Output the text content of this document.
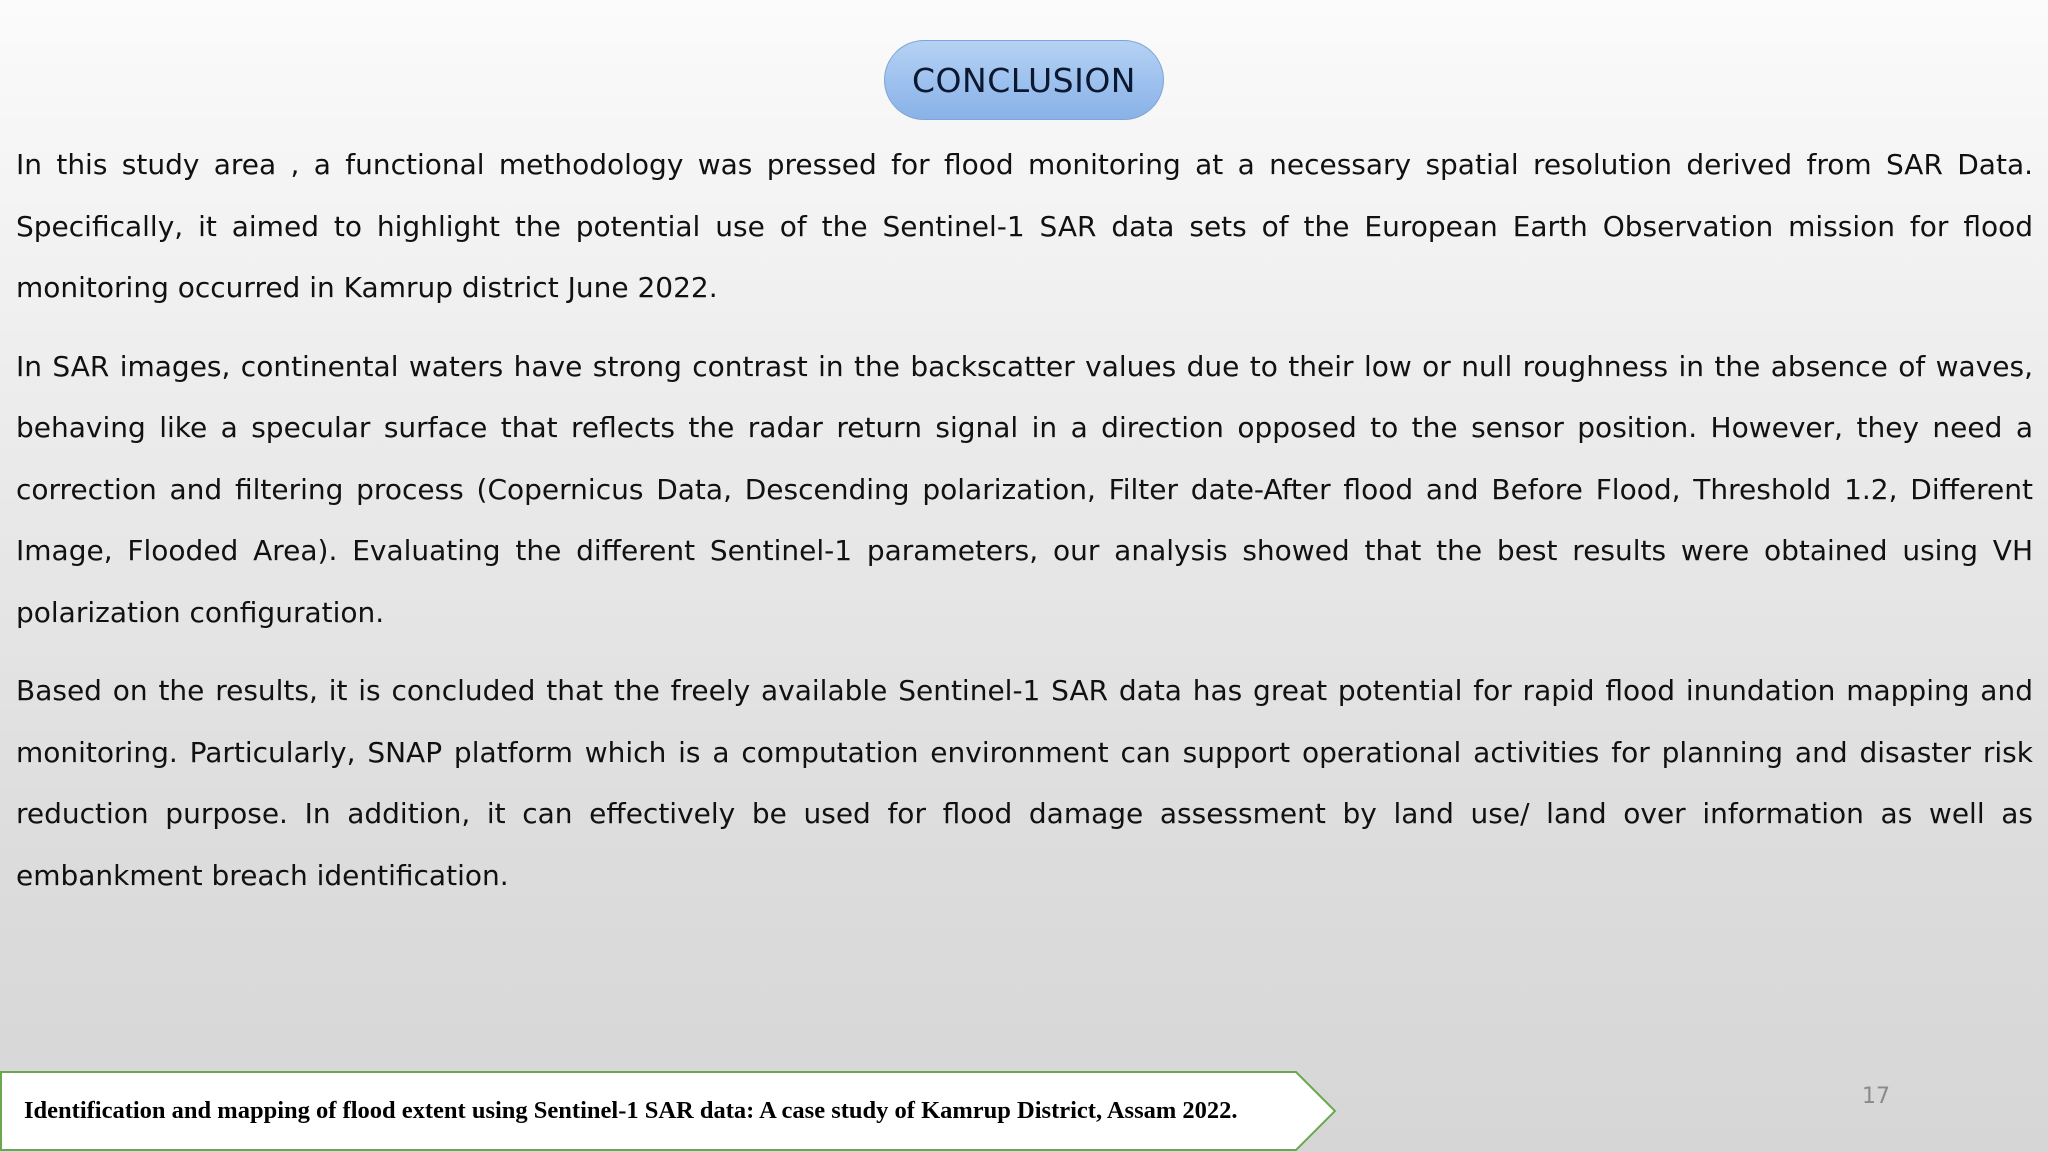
CONCLUSION

In this study area , a functional methodology was pressed for flood monitoring at a necessary spatial resolution derived from SAR Data. Specifically, it aimed to highlight the potential use of the Sentinel-1 SAR data sets of the European Earth Observation mission for flood monitoring occurred in Kamrup district June 2022.

In SAR images, continental waters have strong contrast in the backscatter values due to their low or null roughness in the absence of waves, behaving like a specular surface that reflects the radar return signal in a direction opposed to the sensor position. However, they need a correction and filtering process (Copernicus Data, Descending polarization, Filter date-After flood and Before Flood, Threshold 1.2, Different Image, Flooded Area). Evaluating the different Sentinel-1 parameters, our analysis showed that the best results were obtained using VH polarization configuration.

Based on the results, it is concluded that the freely available Sentinel-1 SAR data has great potential for rapid flood inundation mapping and monitoring. Particularly, SNAP platform which is a computation environment can support operational activities for planning and disaster risk reduction purpose. In addition, it can effectively be used for flood damage assessment by land use/ land over information as well as embankment breach identification.

Identification and mapping of flood extent using Sentinel-1 SAR data: A case study of Kamrup District, Assam 2022.
17
